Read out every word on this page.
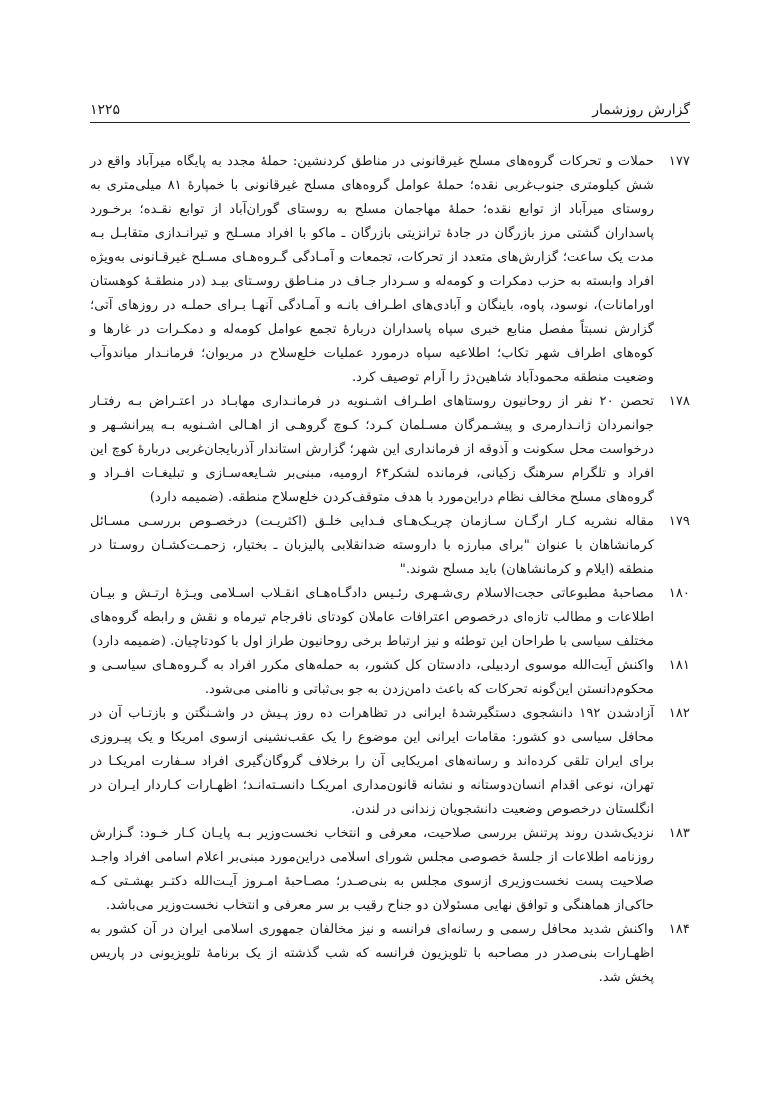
گزارش روزشمار
۱۲۲۵
۱۷۷
حملات و تحرکات گروه‌های مسلح غیرقانونی در مناطق کردنشین: حملهٔ مجدد به پایگاه میرآباد واقع در شش کیلومتری جنوب‌غربی نقده؛ حملهٔ عوامل گروه‌های مسلح غیرقانونی با خمپارهٔ ۸۱ میلی‌متری به روستای میرآباد از توابع نقده؛ حملهٔ مهاجمان مسلح به روستای گوران‌آباد از توابع نقـده؛ برخـورد پاسداران گشتی مرز بازرگان در جادهٔ ترانزیتی بازرگان ـ ماکو با افراد مسـلح و تیرانـدازی متقابـل بـه مدت یک ساعت؛ گزارش‌های متعدد از تحرکات، تجمعات و آمـادگی گـروه‌هـای مسـلح غیرقـانونی به‌ویژه افراد وابسته به حزب دمکرات و کومه‌له و سـردار جـاف در منـاطق روسـتای بیـد (در منطقـهٔ کوهستان اورامانات)، نوسود، پاوه، باینگان و آبادی‌های اطـراف بانـه و آمـادگی آنهـا بـرای حملـه در روزهای آتی؛ گزارش نسبتاً مفصل منابع خبری سپاه پاسداران دربارهٔ تجمع عوامل کومه‌له و دمکـرات در غارها و کوه‌های اطراف شهر تکاب؛ اطلاعیه سپاه درمورد عملیات خلع‌سلاح در مریوان؛ فرمانـدار میاندوآب وضعیت منطقه محمودآباد شاهین‌دژ را آرام توصیف کرد.
۱۷۸
تحصن ۲۰ نفر از روحانیون روستاهای اطـراف اشـنویه در فرمانـداری مهابـاد در اعتـراض بـه رفتـار جوانمردان ژانـدارمری و پیشـمرگان مسـلمان کـرد؛ کـوچ گروهـی از اهـالی اشـنویه بـه پیرانشـهر و درخواست محل سکونت و آذوقه از فرمانداری این شهر؛ گزارش استاندار آذربایجان‌غربی دربارهٔ کوچ این افراد و تلگرام سرهنگ زکیانی، فرمانده لشکر۶۴ ارومیه، مبنی‌بر شـایعه‌سـازی و تبلیغـات افـراد و گروه‌های مسلح مخالف نظام دراین‌مورد با هدف متوقف‌کردن خلع‌سلاح منطقه. (ضمیمه دارد)
۱۷۹
مقاله نشریه کـار ارگـان سـازمان چریـک‌هـای فـدایی خلـق (اکثریـت) درخصـوص بررسـی مسـائل کرمانشاهان با عنوان "برای مبارزه با داروسته ضدانقلابی پالیزبان ـ بختیار، زحمـت‌کشـان روسـتا در منطقه (ایلام و کرمانشاهان) باید مسلح شوند."
۱۸۰
مصاحبهٔ مطبوعاتی حجت‌الاسلام ری‌شـهری رئـیس دادگـاه‌هـای انقـلاب اسـلامی ویـژهٔ ارتـش و بیـان اطلاعات و مطالب تازه‌ای درخصوص اعترافات عاملان کودتای نافرجام تیرماه و نقش و رابطه گروه‌های مختلف سیاسی با طراحان این توطئه و نیز ارتباط برخی روحانیون طراز اول با کودتاچیان. (ضمیمه دارد)
۱۸۱
واکنش آیت‌الله موسوی اردبیلی، دادستان کل کشور، به حمله‌های مکرر افراد به گـروه‌هـای سیاسـی و محکوم‌دانستن این‌گونه تحرکات که باعث دامن‌زدن به جو بی‌ثباتی و ناامنی می‌شود.
۱۸۲
آزادشدن ۱۹۲ دانشجوی دستگیرشدهٔ ایرانی در تظاهرات ده روز پـیش در واشـنگتن و بازتـاب آن در محافل سیاسی دو کشور: مقامات ایرانی این موضوع را یک عقب‌نشینی ازسوی امریکا و یک پیـروزی برای ایران تلقی کرده‌اند و رسانه‌های امریکایی آن را برخلاف گروگان‌گیری افراد سـفارت امریکـا در تهران، نوعی اقدام انسان‌دوستانه و نشانه قانون‌مداری امریکـا دانسـته‌انـد؛ اظهـارات کـاردار ایـران در انگلستان درخصوص وضعیت دانشجویان زندانی در لندن.
۱۸۳
نزدیک‌شدن روند پرتنش بررسی صلاحیت، معرفی و انتخاب نخست‌وزیر بـه پایـان کـار خـود: گـزارش روزنامه اطلاعات از جلسهٔ خصوصی مجلس شورای اسلامی دراین‌مورد مبنی‌بر اعلام اسامی افراد واجـد صلاحیت پست نخست‌وزیری ازسوی مجلس به بنی‌صـدر؛ مصـاحبهٔ امـروز آیـت‌الله دکتـر بهشـتی کـه حاکی‌از هماهنگی و توافق نهایی مسئولان دو جناح رقیب بر سر معرفی و انتخاب نخست‌وزیر می‌باشد.
۱۸۴
واکنش شدید محافل رسمی و رسانه‌ای فرانسه و نیز مخالفان جمهوری اسلامی ایران در آن کشور به اظهـارات بنی‌صدر در مصاحبه با تلویزیون فرانسه که شب گذشته از یک برنامهٔ تلویزیونی در پاریس پخش شد.
